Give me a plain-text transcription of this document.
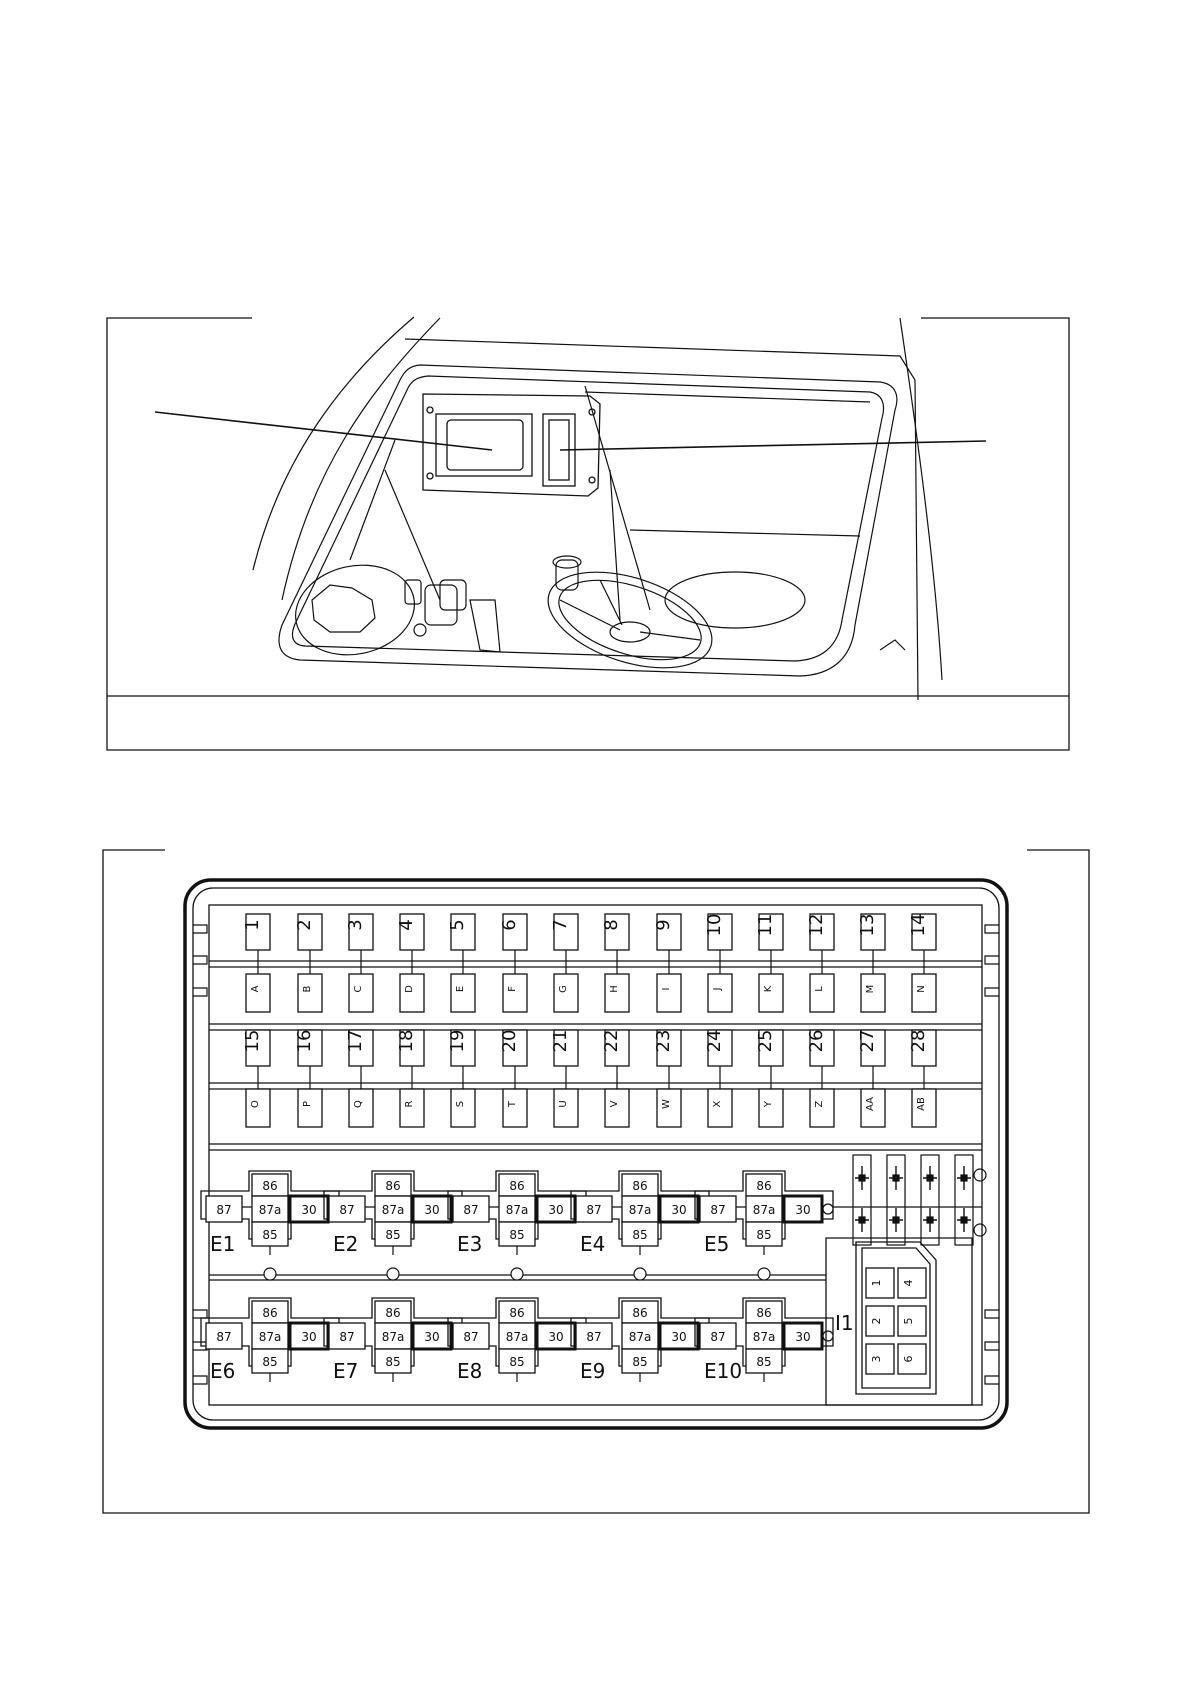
1
A
2
B
3
C
4
D
5
E
6
F
7
G
8
H
9
I
10
J
11
K
12
L
13
M
14
N
15
O
16
P
17
Q
18
R
19
S
20
T
21
U
22
V
23
W
24
X
25
Y
26
Z
27
AA
28
AB
86
87 87a 30
85
E1
86
87 87a 30
85
E2
86
87 87a 30
85
E3
86
87 87a 30
85
E4
86
87 87a 30
85
E5
86
87 87a 30
85
E6
86
87 87a 30
85
E7
86
87 87a 30
85
E8
86
87 87a 30
85
E9
86
87 87a 30
85
E10
1 4
2 5
3 6
I1
